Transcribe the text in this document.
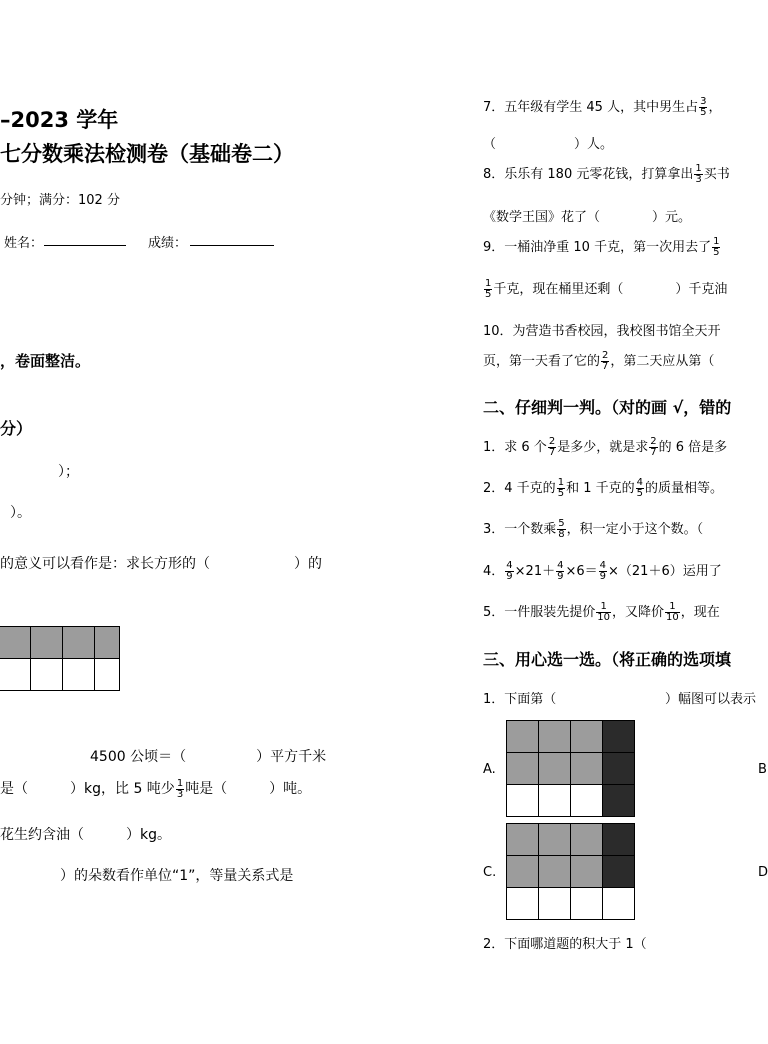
–2023 学年
七分数乘法检测卷（基础卷二）
分钟；满分：102 分
姓名：	成绩：
，卷面整洁。
分）
）；
）。
的意义可以看作是：求长方形的（　　　　　　）的

4500 公顷＝（　　　　　）平方千米
是（　　　）kg，比 5 吨少 $\frac{1}{3}$ 吨是（　　　）吨。
花生约含油（　　　）kg。
）的朵数看作单位“1”，等量关系式是
7．五年级有学生 45 人，其中男生占 $\frac{3}{5}$ ，
（　　　　　　）人。
8．乐乐有 180 元零花钱，打算拿出 $\frac{1}{3}$ 买书
《数学王国》花了（　　　　）元。
9．一桶油净重 10 千克，第一次用去了 $\frac{1}{5}$
$\frac{1}{5}$ 千克，现在桶里还剩（　　　　）千克油
10．为营造书香校园，我校图书馆全天开
页，第一天看了它的 $\frac{2}{7}$ ，第二天应从第（
二、仔细判一判。（对的画 √，错的
1．求 6 个 $\frac{2}{7}$ 是多少，就是求 $\frac{2}{7}$ 的 6 倍是多
2．4 千克的 $\frac{1}{5}$ 和 1 千克的 $\frac{4}{5}$ 的质量相等。
3．一个数乘 $\frac{5}{8}$ ，积一定小于这个数。（
4． $\frac{4}{9} \times 21+ \frac{4}{9} \times 6= \frac{4}{9} \times(21+6)$运用了
5．一件服装先提价 $\frac{1}{10}$ ，又降价 $\frac{1}{10}$ ，现在
三、用心选一选。（将正确的选项填
1．下面第（	）幅图可以表示
A.

				B
C.

				D
2．下面哪道题的积大于 1（
